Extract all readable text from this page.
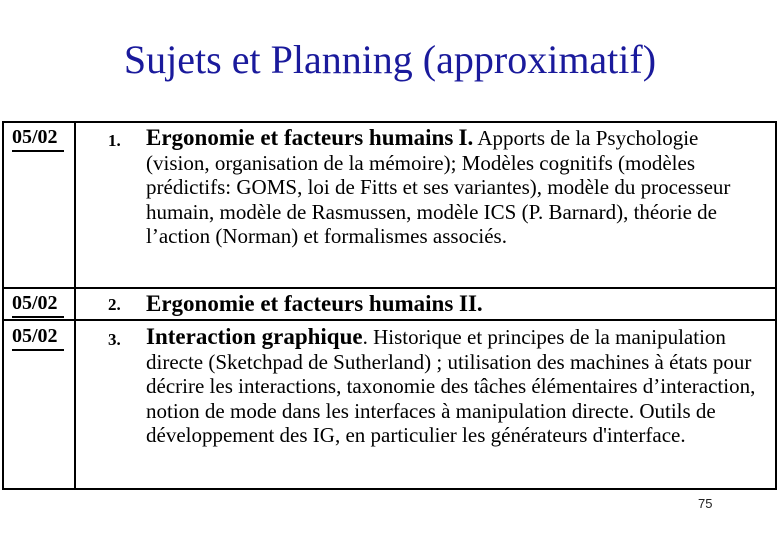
Sujets et Planning (approximatif)
05/02	1. Ergonomie et facteurs humains I. Apports de la Psychologie (vision, organisation de la mémoire); Modèles cognitifs (modèles prédictifs: GOMS, loi de Fitts et ses variantes), modèle du processeur humain, modèle de Rasmussen, modèle ICS (P. Barnard), théorie de l’action (Norman) et formalismes associés.
05/02	2. Ergonomie et facteurs humains II.
05/02	3. Interaction graphique. Historique et principes de la manipulation directe (Sketchpad de Sutherland) ; utilisation des machines à états pour décrire les interactions, taxonomie des tâches élémentaires d’interaction, notion de mode dans les interfaces à manipulation directe. Outils de développement des IG, en particulier les générateurs d'interface.
75
